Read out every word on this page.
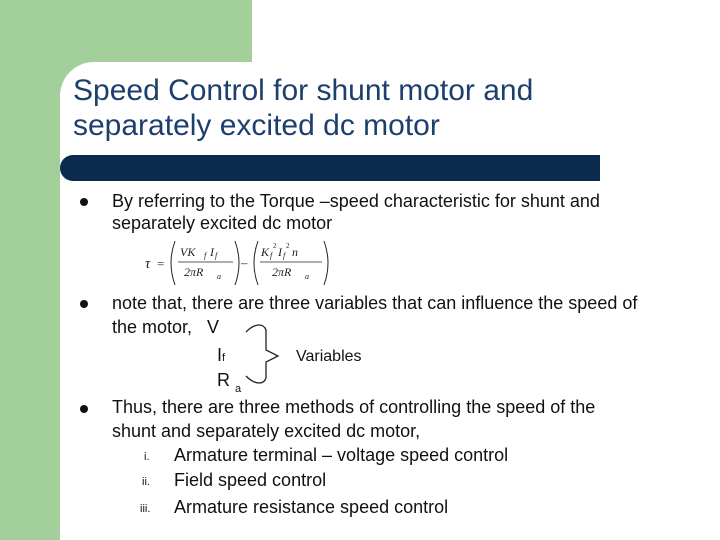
Speed Control for shunt motor and
separately excited dc motor
By referring to the Torque –speed characteristic for shunt and
separately excited dc motor
τ =
VK f I f
2πR a
–
K f
2 I f
2 n
2πR a
note that, there are three variables that can influence the speed of
the motor,   V
If
R $_a$
Variables
Thus, there are three methods of controlling the speed of the
shunt and separately excited dc motor,
i. Armature terminal – voltage speed control
ii. Field speed control
iii. Armature resistance speed control
